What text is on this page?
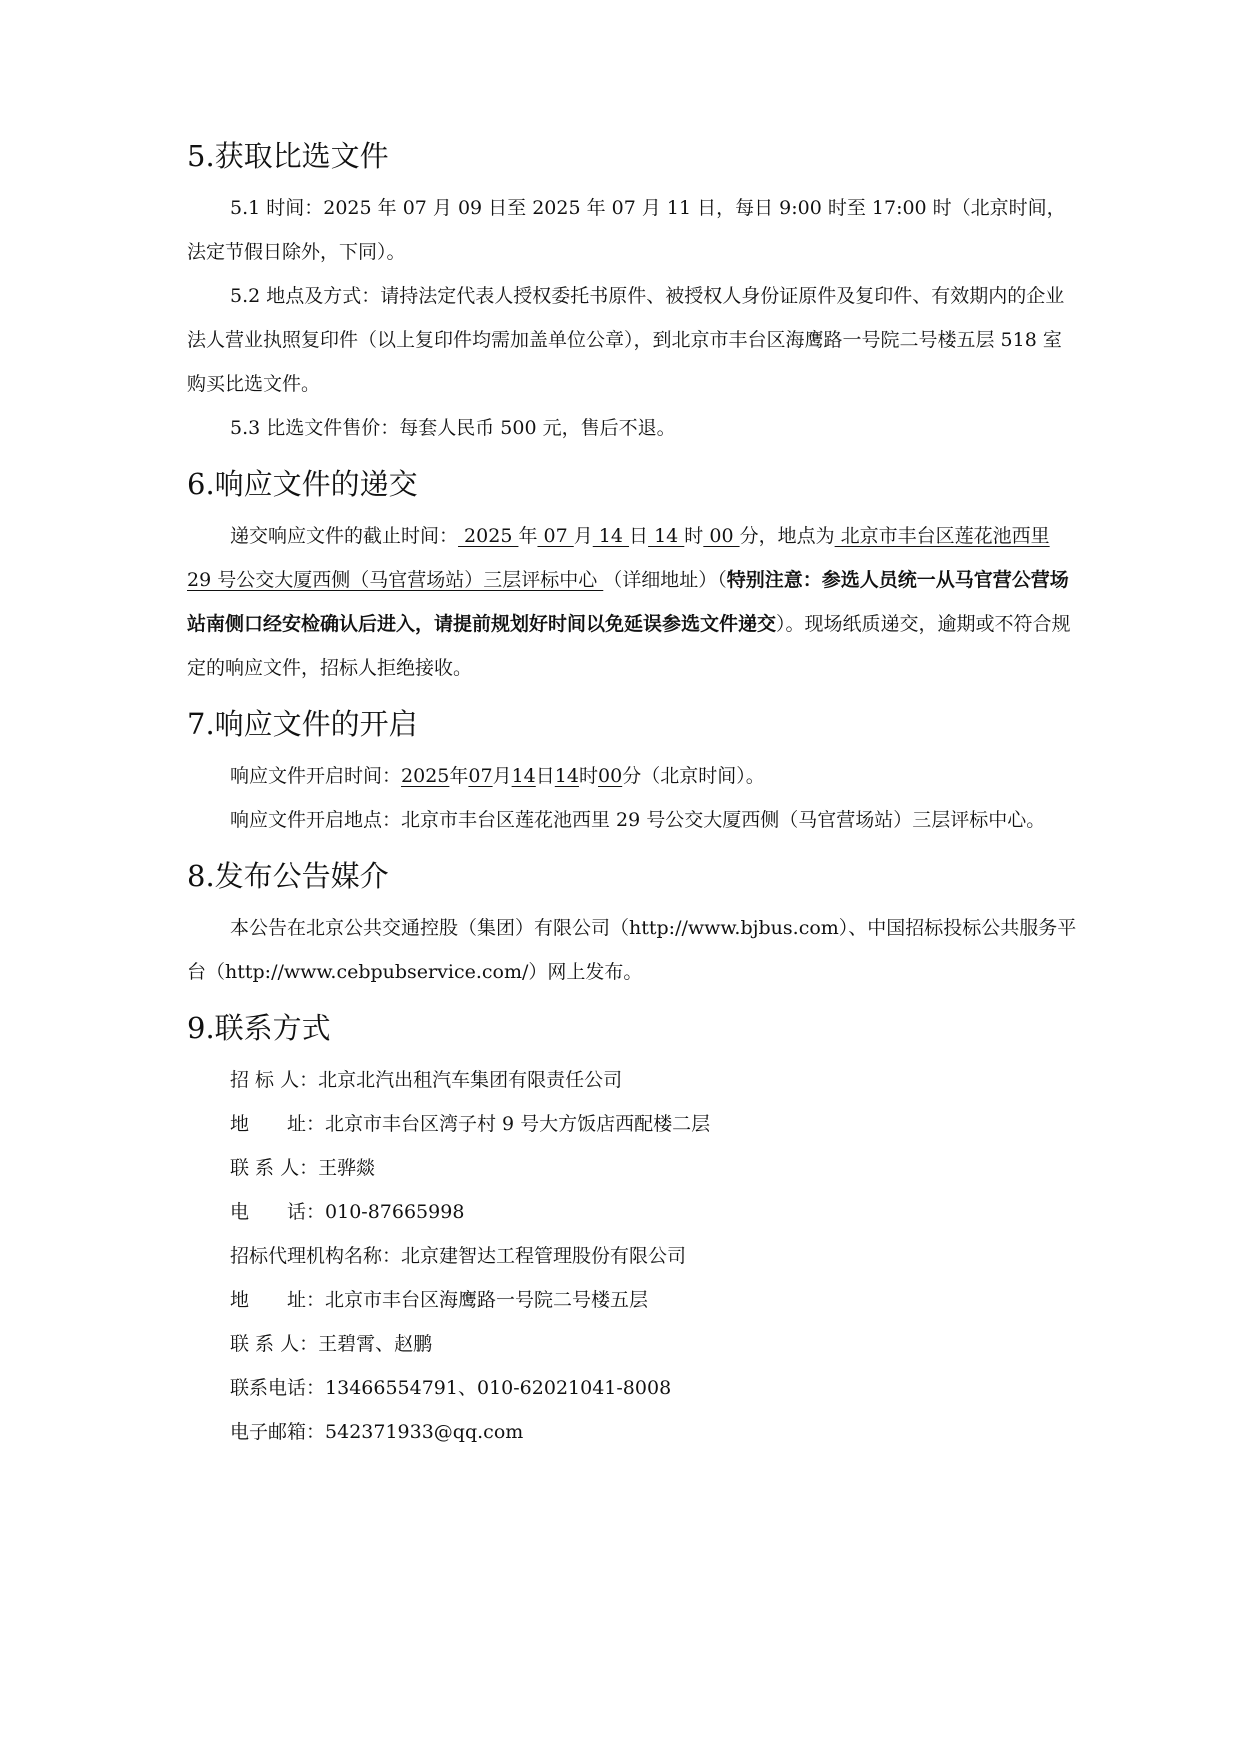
5.获取比选文件

5.1 时间：2025 年 07 月 09 日至 2025 年 07 月 11 日，每日 9:00 时至 17:00 时（北京时间，法定节假日除外，下同）。

5.2 地点及方式：请持法定代表人授权委托书原件、被授权人身份证原件及复印件、有效期内的企业法人营业执照复印件（以上复印件均需加盖单位公章），到北京市丰台区海鹰路一号院二号楼五层 518 室购买比选文件。

5.3 比选文件售价：每套人民币 500 元，售后不退。

6.响应文件的递交

递交响应文件的截止时间： 2025 年 07 月 14 日 14 时 00 分，地点为 北京市丰台区莲花池西里 29 号公交大厦西侧（马官营场站）三层评标中心 （详细地址）（特别注意：参选人员统一从马官营公营场站南侧口经安检确认后进入，请提前规划好时间以免延误参选文件递交）。现场纸质递交，逾期或不符合规定的响应文件，招标人拒绝接收。

7.响应文件的开启

响应文件开启时间：2025年07月14日14时00分（北京时间）。

响应文件开启地点：北京市丰台区莲花池西里 29 号公交大厦西侧（马官营场站）三层评标中心。

8.发布公告媒介

本公告在北京公共交通控股（集团）有限公司（http://www.bjbus.com）、中国招标投标公共服务平台（http://www.cebpubservice.com/）网上发布。

9.联系方式

招 标 人：北京北汽出租汽车集团有限责任公司

地　　址：北京市丰台区湾子村 9 号大方饭店西配楼二层

联 系 人：王骅燚

电　　话：010-87665998

招标代理机构名称：北京建智达工程管理股份有限公司

地　　址：北京市丰台区海鹰路一号院二号楼五层

联 系 人：王碧霄、赵鹏

联系电话：13466554791、010-62021041-8008

电子邮箱：542371933@qq.com
